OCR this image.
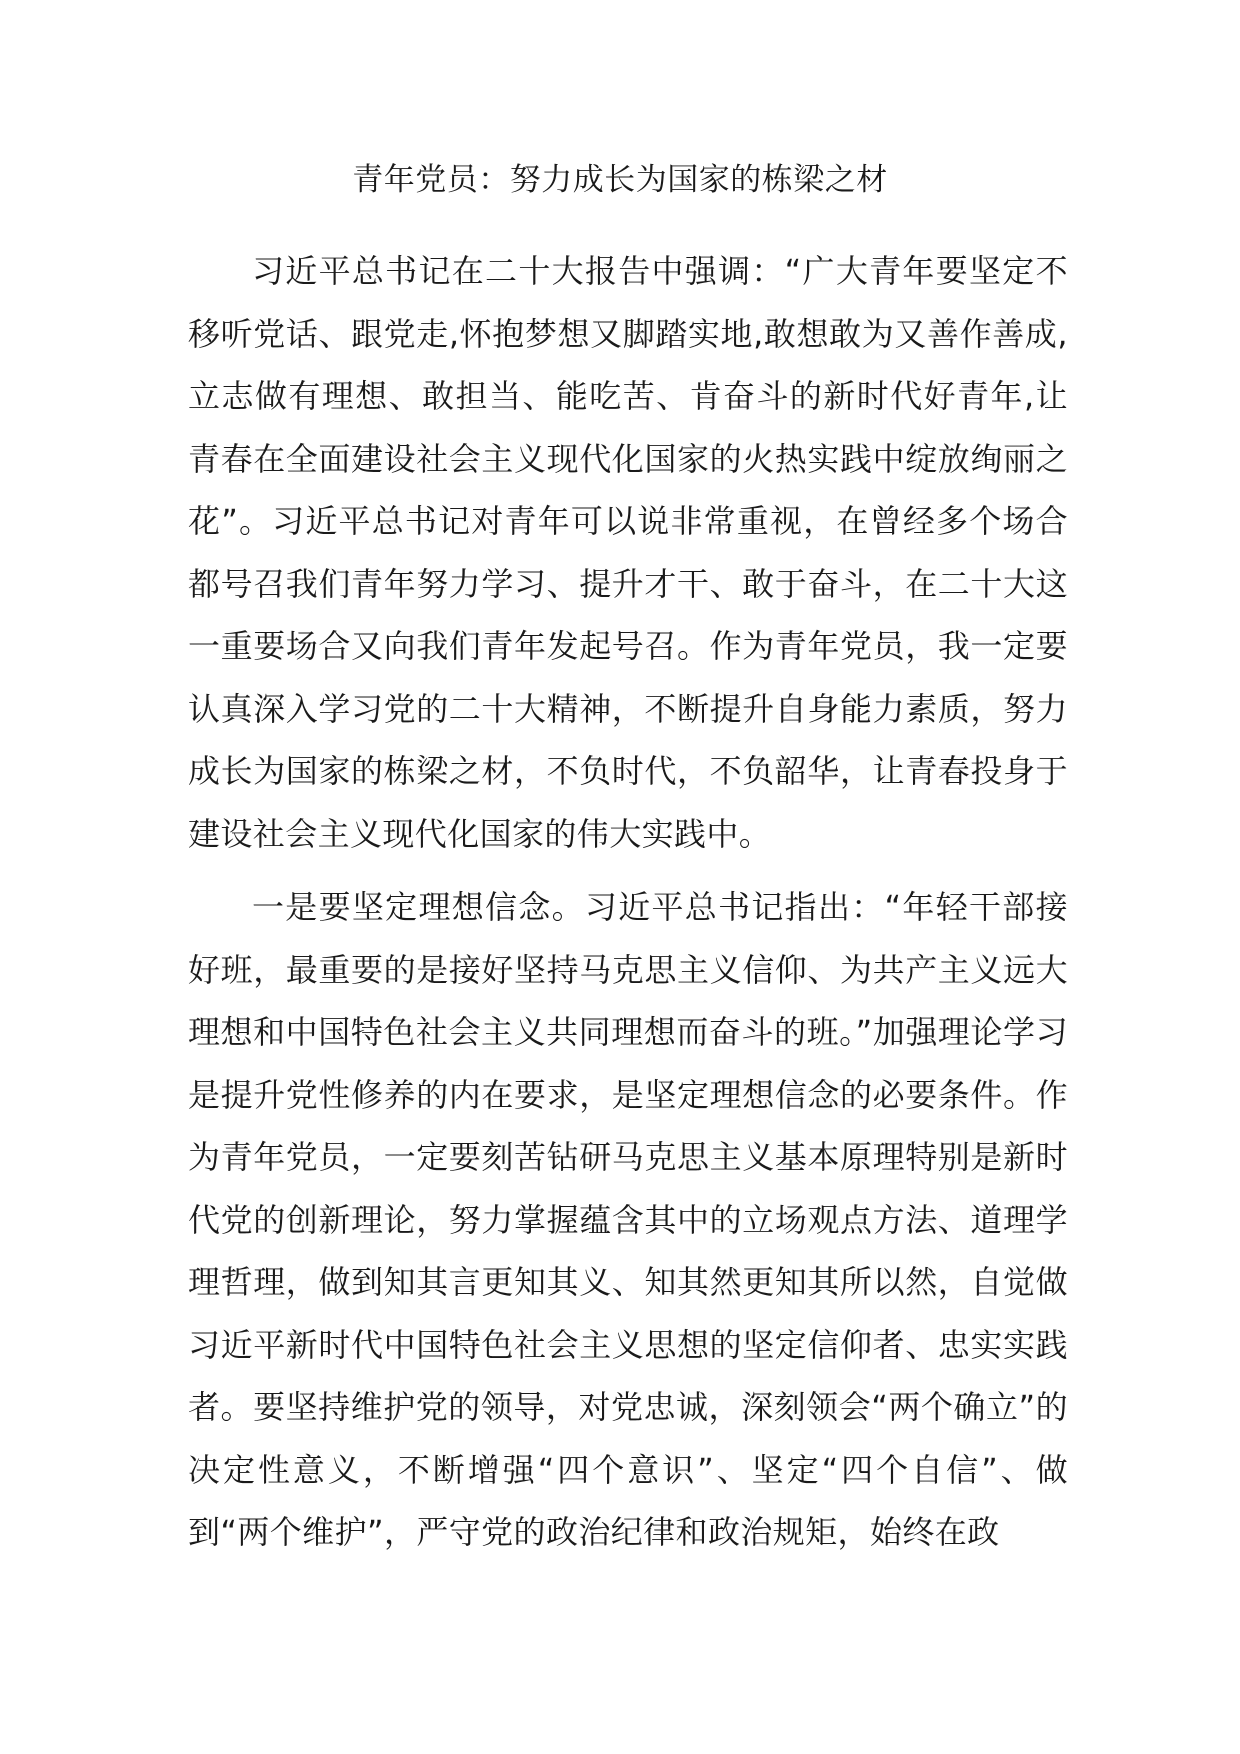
青年党员：努力成长为国家的栋梁之材

习近平总书记在二十大报告中强调：“广大青年要坚定不移听党话、跟党走,怀抱梦想又脚踏实地,敢想敢为又善作善成,立志做有理想、敢担当、能吃苦、肯奋斗的新时代好青年,让青春在全面建设社会主义现代化国家的火热实践中绽放绚丽之花”。习近平总书记对青年可以说非常重视，在曾经多个场合都号召我们青年努力学习、提升才干、敢于奋斗，在二十大这一重要场合又向我们青年发起号召。作为青年党员，我一定要认真深入学习党的二十大精神，不断提升自身能力素质，努力成长为国家的栋梁之材，不负时代，不负韶华，让青春投身于建设社会主义现代化国家的伟大实践中。

一是要坚定理想信念。习近平总书记指出：“年轻干部接好班，最重要的是接好坚持马克思主义信仰、为共产主义远大理想和中国特色社会主义共同理想而奋斗的班。”加强理论学习是提升党性修养的内在要求，是坚定理想信念的必要条件。作为青年党员，一定要刻苦钻研马克思主义基本原理特别是新时代党的创新理论，努力掌握蕴含其中的立场观点方法、道理学理哲理，做到知其言更知其义、知其然更知其所以然，自觉做习近平新时代中国特色社会主义思想的坚定信仰者、忠实实践者。要坚持维护党的领导，对党忠诚，深刻领会“两个确立”的决定性意义，不断增强“四个意识”、坚定“四个自信”、做到“两个维护”，严守党的政治纪律和政治规矩，始终在政
